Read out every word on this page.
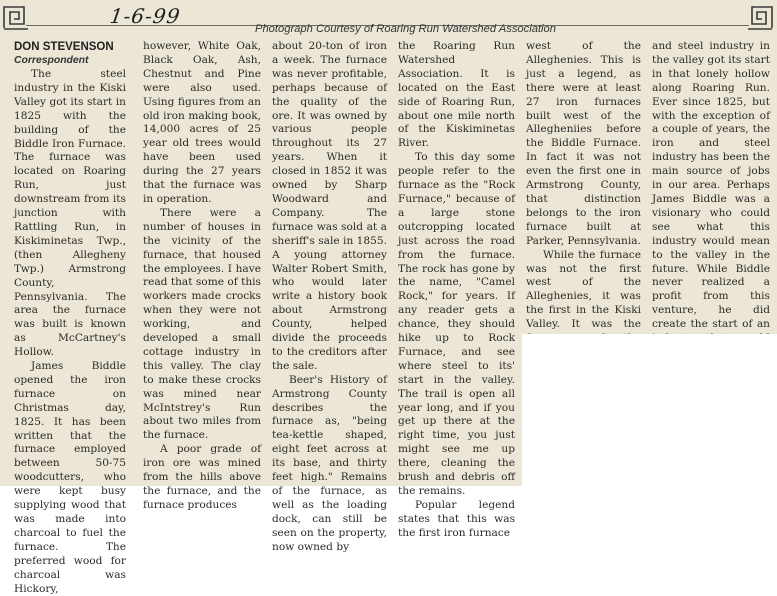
1-6-99
Photograph Courtesy of Roaring Run Watershed Association
DON STEVENSON
Correspondent

The steel industry in the Kiski Valley got its start in 1825 with the building of the Biddle Iron Furnace. The furnace was located on Roaring Run, just downstream from its junction with Rattling Run, in Kiskiminetas Twp., (then Allegheny Twp.) Armstrong County, Pennsylvania. The area the furnace was built is known as McCartney's Hollow.

James Biddle opened the iron furnace on Christmas day, 1825. It has been written that the furnace employed between 50-75 woodcutters, who were kept busy supplying wood that was made into charcoal to fuel the furnace. The preferred wood for charcoal was Hickory,

however, White Oak, Black Oak, Ash, Chestnut and Pine were also used. Using figures from an old iron making book, 14,000 acres of 25 year old trees would have been used during the 27 years that the furnace was in operation.

There were a number of houses in the vicinity of the furnace, that housed the employees. I have read that some of this workers made crocks when they were not working, and developed a small cottage industry in this valley. The clay to make these crocks was mined near McIntstrey's Run about two miles from the furnace.

A poor grade of iron ore was mined from the hills above the furnace, and the furnace produces

about 20-ton of iron a week. The furnace was never profitable, perhaps because of the quality of the ore. It was owned by various people throughout its 27 years. When it closed in 1852 it was owned by Sharp Woodward and Company. The furnace was sold at a sheriff's sale in 1855. A young attorney Walter Robert Smith, who would later write a history book about Armstrong County, helped divide the proceeds to the creditors after the sale.

Beer's History of Armstrong County describes the furnace as, "being tea-kettle shaped, eight feet across at its base, and thirty feet high." Remains of the furnace, as well as the loading dock, can still be seen on the property, now owned by

the Roaring Run Watershed Association. It is located on the East side of Roaring Run, about one mile north of the Kiskiminetas River.

To this day some people refer to the furnace as the "Rock Furnace," because of a large stone outcropping located just across the road from the furnace. The rock has gone by the name, "Camel Rock," for years. If any reader gets a chance, they should hike up to Rock Furnace, and see where steel to its' start in the valley. The trail is open all year long, and if you get up there at the right time, you just might see me up there, cleaning the brush and debris off the remains.

Popular legend states that this was the first iron furnace

west of the Alleghenies. This is just a legend, as there were at least 27 iron furnaces built west of the Allegheniies before the Biddle Furnace. In fact it was not even the first one in Armstrong County, that distinction belongs to the iron furnace built at Parker, Pennsylvania.

While the furnace was not the first west of the Alleghenies, it was the first in the Kiski Valley. It was the

and steel industry in the valley got its start in that lonely hollow along Roaring Run. Ever since 1825, but with the exception of a couple of years, the iron and steel industry has been the main source of jobs in our area. Perhaps James Biddle was a visionary who could see what this industry would mean to the valley in the future. While Biddle never realized a profit from this venture, he did create the start of an
